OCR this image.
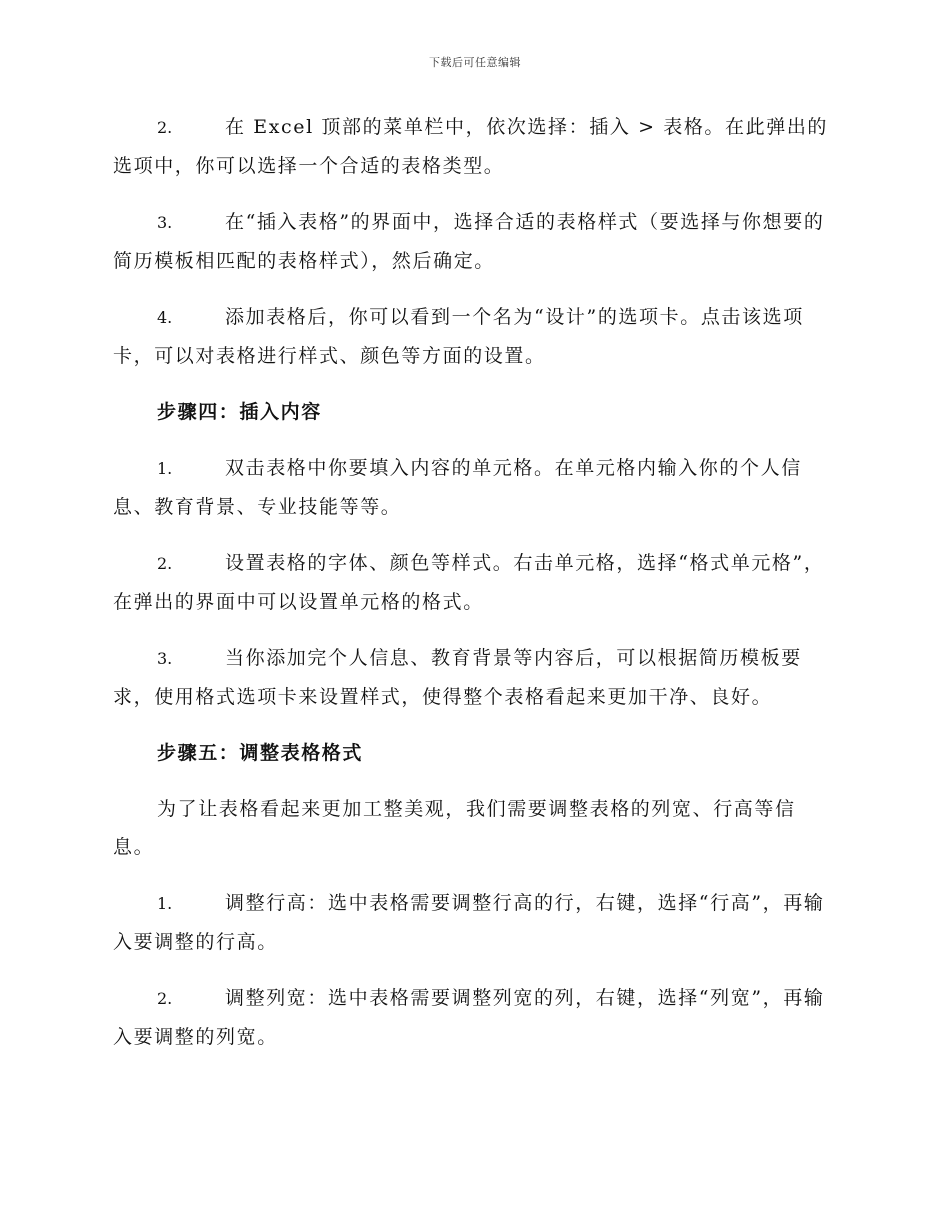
下载后可任意编辑

2.	在 Excel 顶部的菜单栏中，依次选择：插入 > 表格。在此弹出的选项中，你可以选择一个合适的表格类型。

3.	在“插入表格”的界面中，选择合适的表格样式（要选择与你想要的简历模板相匹配的表格样式），然后确定。

4.	添加表格后，你可以看到一个名为“设计”的选项卡。点击该选项卡，可以对表格进行样式、颜色等方面的设置。

步骤四：插入内容

1.	双击表格中你要填入内容的单元格。在单元格内输入你的个人信息、教育背景、专业技能等等。

2.	设置表格的字体、颜色等样式。右击单元格，选择“格式单元格”，在弹出的界面中可以设置单元格的格式。

3.	当你添加完个人信息、教育背景等内容后，可以根据简历模板要求，使用格式选项卡来设置样式，使得整个表格看起来更加干净、良好。

步骤五：调整表格格式

为了让表格看起来更加工整美观，我们需要调整表格的列宽、行高等信息。

1.	调整行高：选中表格需要调整行高的行，右键，选择“行高”，再输入要调整的行高。

2.	调整列宽：选中表格需要调整列宽的列，右键，选择“列宽”，再输入要调整的列宽。
